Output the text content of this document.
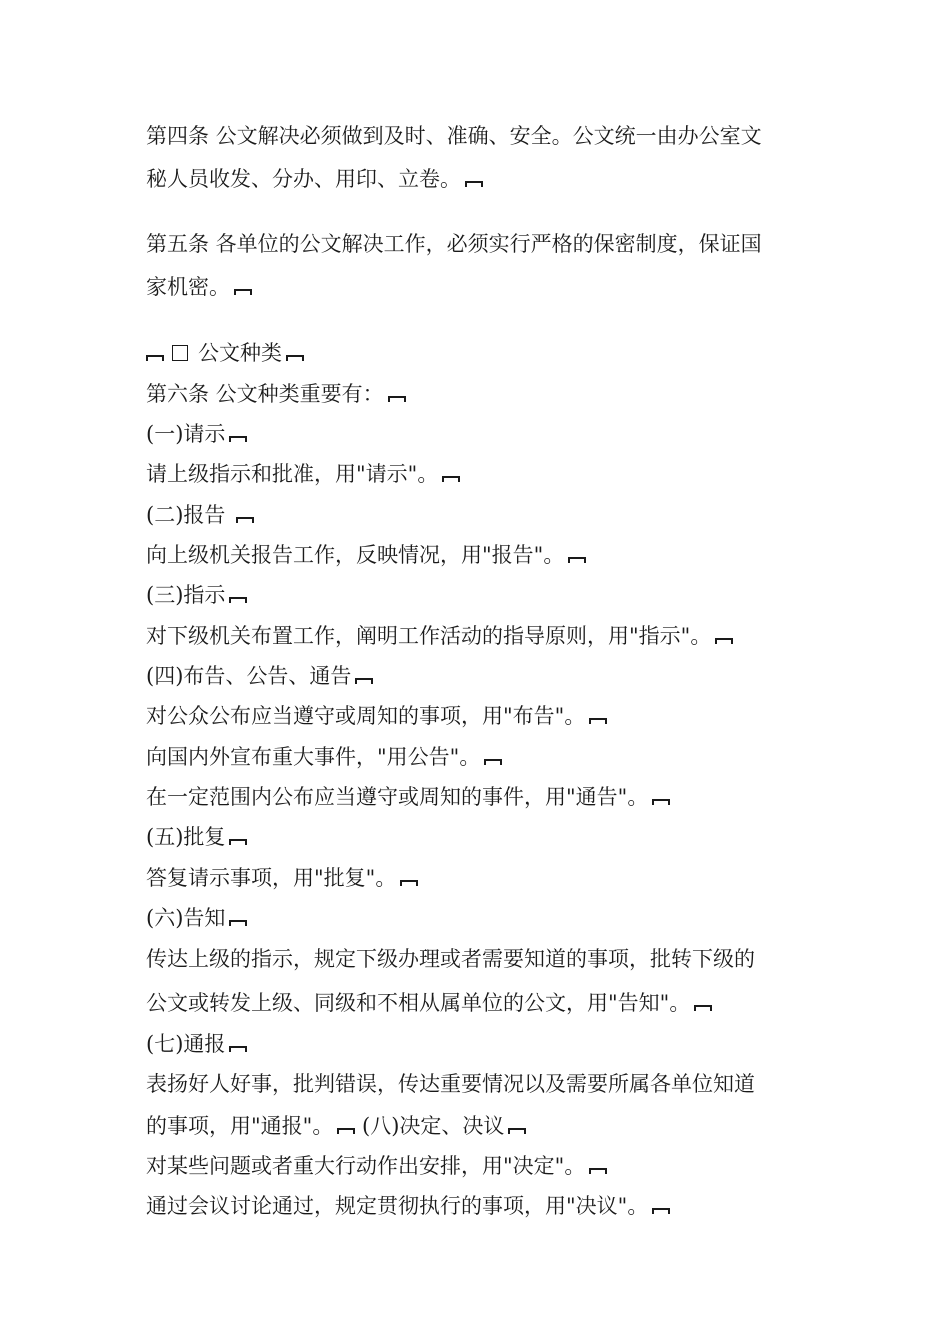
第四条 公文解决必须做到及时、准确、安全。公文统一由办公室文
秘人员收发、分办、用印、立卷。
第五条 各单位的公文解决工作，必须实行严格的保密制度，保证国
家机密。
公文种类
第六条 公文种类重要有：
(一)请示
请上级指示和批准，用"请示"。
(二)报告
向上级机关报告工作，反映情况，用"报告"。
(三)指示
对下级机关布置工作，阐明工作活动的指导原则，用"指示"。
(四)布告、公告、通告
对公众公布应当遵守或周知的事项，用"布告"。
向国内外宣布重大事件，"用公告"。
在一定范围内公布应当遵守或周知的事件，用"通告"。
(五)批复
答复请示事项，用"批复"。
(六)告知
传达上级的指示，规定下级办理或者需要知道的事项，批转下级的
公文或转发上级、同级和不相从属单位的公文，用"告知"。
(七)通报
表扬好人好事，批判错误，传达重要情况以及需要所属各单位知道
的事项，用"通报"。 (八)决定、决议
对某些问题或者重大行动作出安排，用"决定"。
通过会议讨论通过，规定贯彻执行的事项，用"决议"。
